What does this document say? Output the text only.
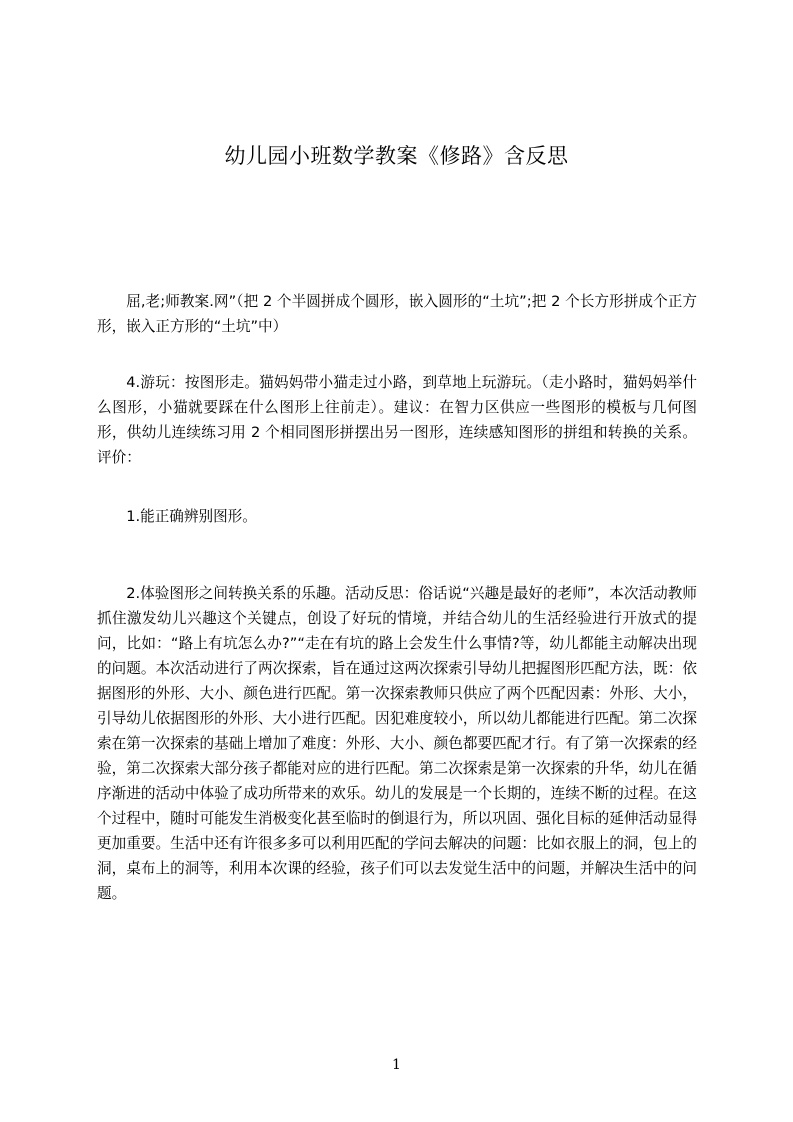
幼儿园小班数学教案《修路》含反思

屈,老;师教案.网”（把 2 个半圆拼成个圆形，嵌入圆形的“土坑”;把 2 个长方形拼成个正方形，嵌入正方形的“土坑”中）

4.游玩：按图形走。猫妈妈带小猫走过小路，到草地上玩游玩。（走小路时，猫妈妈举什么图形，小猫就要踩在什么图形上往前走）。建议：在智力区供应一些图形的模板与几何图形，供幼儿连续练习用 2 个相同图形拼摆出另一图形，连续感知图形的拼组和转换的关系。评价：

1.能正确辨别图形。

2.体验图形之间转换关系的乐趣。活动反思：俗话说“兴趣是最好的老师”，本次活动教师抓住激发幼儿兴趣这个关键点，创设了好玩的情境，并结合幼儿的生活经验进行开放式的提问，比如：“路上有坑怎么办?”“走在有坑的路上会发生什么事情?等，幼儿都能主动解决出现的问题。本次活动进行了两次探索，旨在通过这两次探索引导幼儿把握图形匹配方法，既：依据图形的外形、大小、颜色进行匹配。第一次探索教师只供应了两个匹配因素：外形、大小，引导幼儿依据图形的外形、大小进行匹配。因犯难度较小，所以幼儿都能进行匹配。第二次探索在第一次探索的基础上增加了难度：外形、大小、颜色都要匹配才行。有了第一次探索的经验，第二次探索大部分孩子都能对应的进行匹配。第二次探索是第一次探索的升华，幼儿在循序渐进的活动中体验了成功所带来的欢乐。幼儿的发展是一个长期的，连续不断的过程。在这个过程中，随时可能发生消极变化甚至临时的倒退行为，所以巩固、强化目标的延伸活动显得更加重要。生活中还有许很多多可以利用匹配的学问去解决的问题：比如衣服上的洞，包上的洞，桌布上的洞等，利用本次课的经验，孩子们可以去发觉生活中的问题，并解决生活中的问题。

1
